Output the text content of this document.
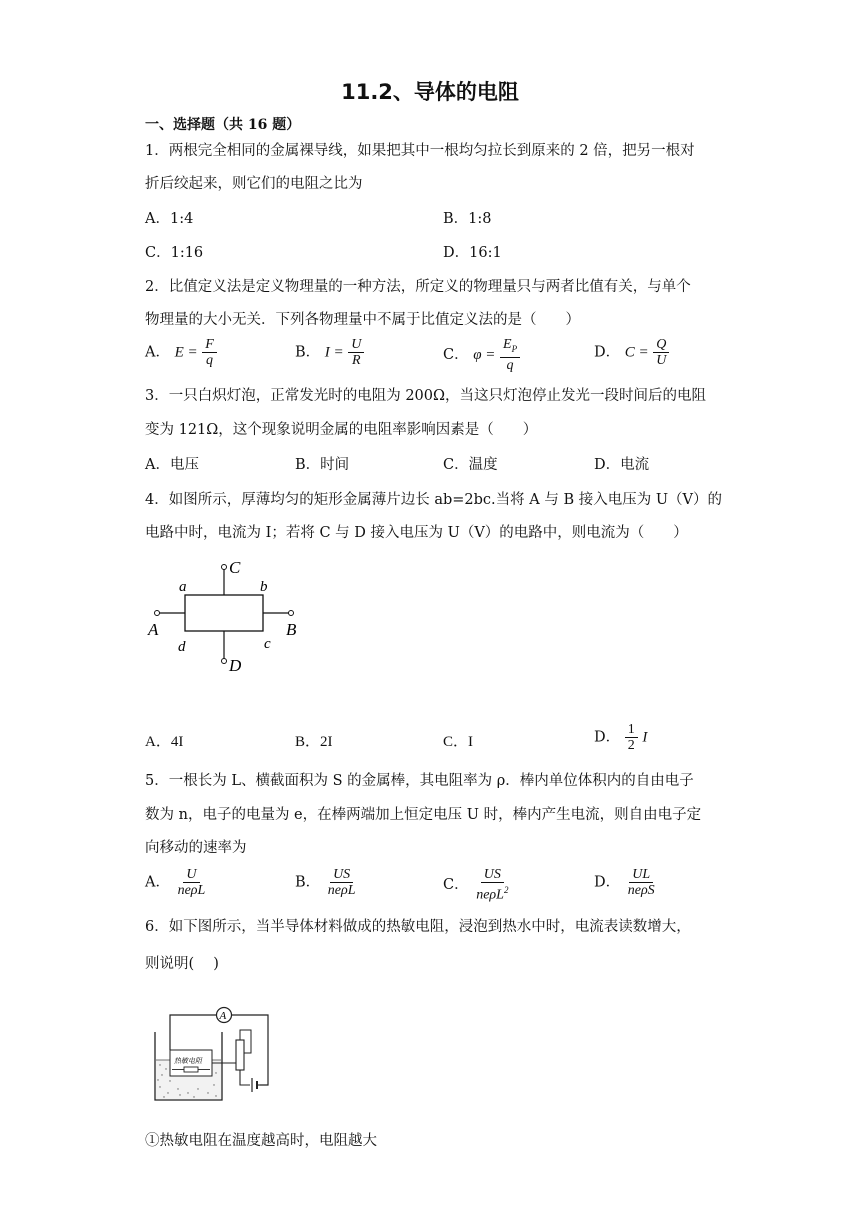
11.2、导体的电阻
一、选择题（共 16 题）
1．两根完全相同的金属裸导线，如果把其中一根均匀拉长到原来的 2 倍，把另一根对
折后绞起来，则它们的电阻之比为
A．1:4	B．1:8
C．1:16	D．16:1
2．比值定义法是定义物理量的一种方法，所定义的物理量只与两者比值有关，与单个
物理量的大小无关．下列各物理量中不属于比值定义法的是（　　）
A． $E = \frac{F}{q}$	B． $I = \frac{U}{R}$	C． $\varphi = \frac{E_P}{q}$	D． $C = \frac{Q}{U}$
3．一只白炽灯泡，正常发光时的电阻为 200Ω，当这只灯泡停止发光一段时间后的电阻
变为 121Ω，这个现象说明金属的电阻率影响因素是（　　）
A．电压	B．时间	C．温度	D．电流
4．如图所示，厚薄均匀的矩形金属薄片边长 ab=2bc.当将 A 与 B 接入电压为 U（V）的
电路中时，电流为 I；若将 C 与 D 接入电压为 U（V）的电路中，则电流为（　　）
a	b
c
d
A	B
C
D
A．4I	B．2I	C．I	D． $\frac{1}{2}$ I
5．一根长为 L、横截面积为 S 的金属棒，其电阻率为 ρ．棒内单位体积内的自由电子
数为 n，电子的电量为 e，在棒两端加上恒定电压 U 时，棒内产生电流，则自由电子定
向移动的速率为
A． $\frac{U}{\text{neρL}}$	B． $\frac{US}{\text{neρL}}$	C． $\frac{US}{ne\rho L^2}$	D． $\frac{UL}{\text{neρS}}$
6．如下图所示，当半导体材料做成的热敏电阻，浸泡到热水中时，电流表读数增大，
则说明(　 )
A
热敏电阻
①热敏电阻在温度越高时，电阻越大
